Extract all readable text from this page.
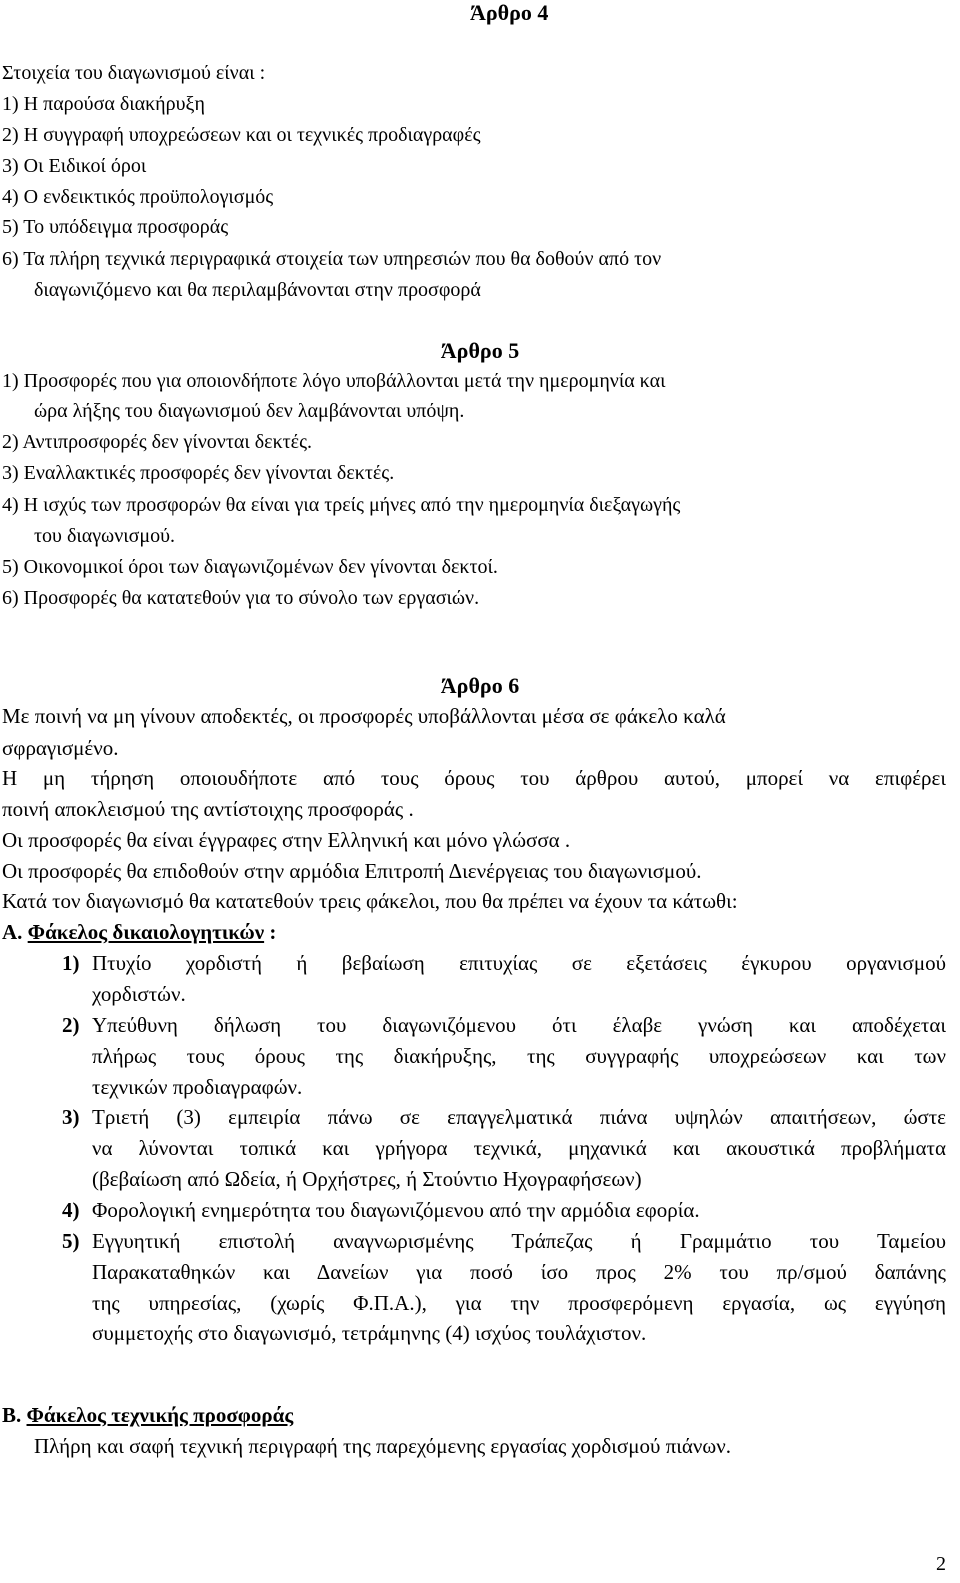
Άρθρο 4
Στοιχεία του διαγωνισμού είναι :
1) Η παρούσα διακήρυξη
2) Η συγγραφή υποχρεώσεων και οι τεχνικές προδιαγραφές
3) Οι Ειδικοί όροι
4) Ο ενδεικτικός προϋπολογισμός
5) Το υπόδειγμα προσφοράς
6) Τα πλήρη τεχνικά περιγραφικά στοιχεία των υπηρεσιών που θα δοθούν από τον
διαγωνιζόμενο και θα περιλαμβάνονται στην προσφορά
Άρθρο 5
1) Προσφορές που για οποιονδήποτε λόγο υποβάλλονται μετά την ημερομηνία και
ώρα λήξης του διαγωνισμού δεν λαμβάνονται υπόψη.
2) Αντιπροσφορές δεν γίνονται δεκτές.
3) Εναλλακτικές προσφορές δεν γίνονται δεκτές.
4) Η ισχύς των προσφορών θα είναι για τρείς μήνες από την ημερομηνία διεξαγωγής
του διαγωνισμού.
5) Οικονομικοί όροι των διαγωνιζομένων δεν γίνονται δεκτοί.
6) Προσφορές θα κατατεθούν για το σύνολο των εργασιών.
Άρθρο 6
Με ποινή να μη γίνουν αποδεκτές, οι προσφορές υποβάλλονται μέσα σε φάκελο καλά
σφραγισμένο.
Η μη τήρηση οποιουδήποτε από τους όρους του άρθρου αυτού, μπορεί να επιφέρει
ποινή αποκλεισμού της αντίστοιχης προσφοράς .
Οι προσφορές θα είναι έγγραφες στην Ελληνική και μόνο γλώσσα .
Οι προσφορές θα επιδοθούν στην αρμόδια Επιτροπή Διενέργειας του διαγωνισμού.
Κατά τον διαγωνισμό θα κατατεθούν τρεις φάκελοι, που θα πρέπει να έχουν τα κάτωθι:
Α. Φάκελος δικαιολογητικών :
1) Πτυχίο χορδιστή ή βεβαίωση επιτυχίας σε εξετάσεις έγκυρου οργανισμού
χορδιστών.
2) Υπεύθυνη δήλωση του διαγωνιζόμενου ότι έλαβε γνώση και αποδέχεται
πλήρως τους όρους της διακήρυξης, της συγγραφής υποχρεώσεων και των
τεχνικών προδιαγραφών.
3) Τριετή (3) εμπειρία πάνω σε επαγγελματικά πιάνα υψηλών απαιτήσεων, ώστε
να λύνονται τοπικά και γρήγορα τεχνικά, μηχανικά και ακουστικά προβλήματα
(βεβαίωση από Ωδεία, ή Ορχήστρες, ή Στούντιο Ηχογραφήσεων)
4) Φορολογική ενημερότητα του διαγωνιζόμενου από την αρμόδια εφορία.
5) Εγγυητική επιστολή αναγνωρισμένης Τράπεζας ή Γραμμάτιο του Ταμείου
Παρακαταθηκών και Δανείων για ποσό ίσο προς 2% του πρ/σμού δαπάνης
της υπηρεσίας, (χωρίς Φ.Π.Α.), για την προσφερόμενη εργασία, ως εγγύηση
συμμετοχής στο διαγωνισμό, τετράμηνης (4) ισχύος τουλάχιστον.
Β. Φάκελος τεχνικής προσφοράς
Πλήρη και σαφή τεχνική περιγραφή της παρεχόμενης εργασίας χορδισμού πιάνων.
2
